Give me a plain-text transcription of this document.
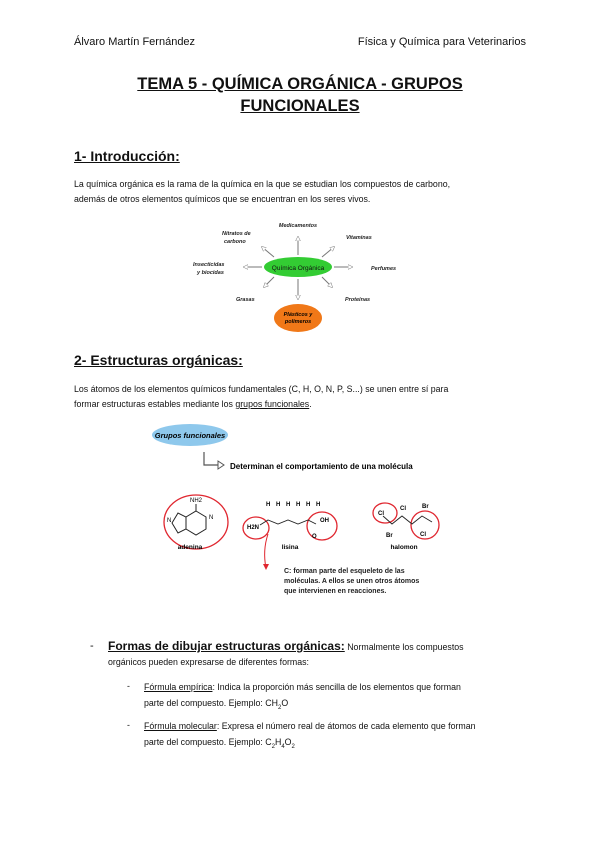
Álvaro Martín Fernández	Física y Química para Veterinarios
TEMA 5 - QUÍMICA ORGÁNICA - GRUPOS
FUNCIONALES
1- Introducción:
La química orgánica es la rama de la química en la que se estudian los compuestos de carbono,
además de otros elementos químicos que se encuentran en los seres vivos.
Química Orgánica
Plásticos y
polímeros
Medicamentos
Nitratos de
carbono
Vitaminas
Insecticidas
y biocidas
Perfumes
Grasas	Proteínas
2- Estructuras orgánicas:
Los átomos de los elementos químicos fundamentales (C, H, O, N, P, S...) se unen entre sí para
formar estructuras estables mediante los grupos funcionales.
Grupos funcionales
Determinan el comportamiento de una molécula
NH2
N
N
adenina
H H H H H H
H2N
OH
O
lisina
Cl
Cl	Br
Br	Cl
halomon
C: forman parte del esqueleto de las
moléculas. A ellos se unen otros átomos
que intervienen en reacciones.
- Formas de dibujar estructuras orgánicas: Normalmente los compuestos
orgánicos pueden expresarse de diferentes formas:
- Fórmula empírica: Indica la proporción más sencilla de los elementos que forman
parte del compuesto. Ejemplo: $CH_2O$
- Fórmula molecular: Expresa el número real de átomos de cada elemento que forman
parte del compuesto. Ejemplo: $C_2H_4O_2$
